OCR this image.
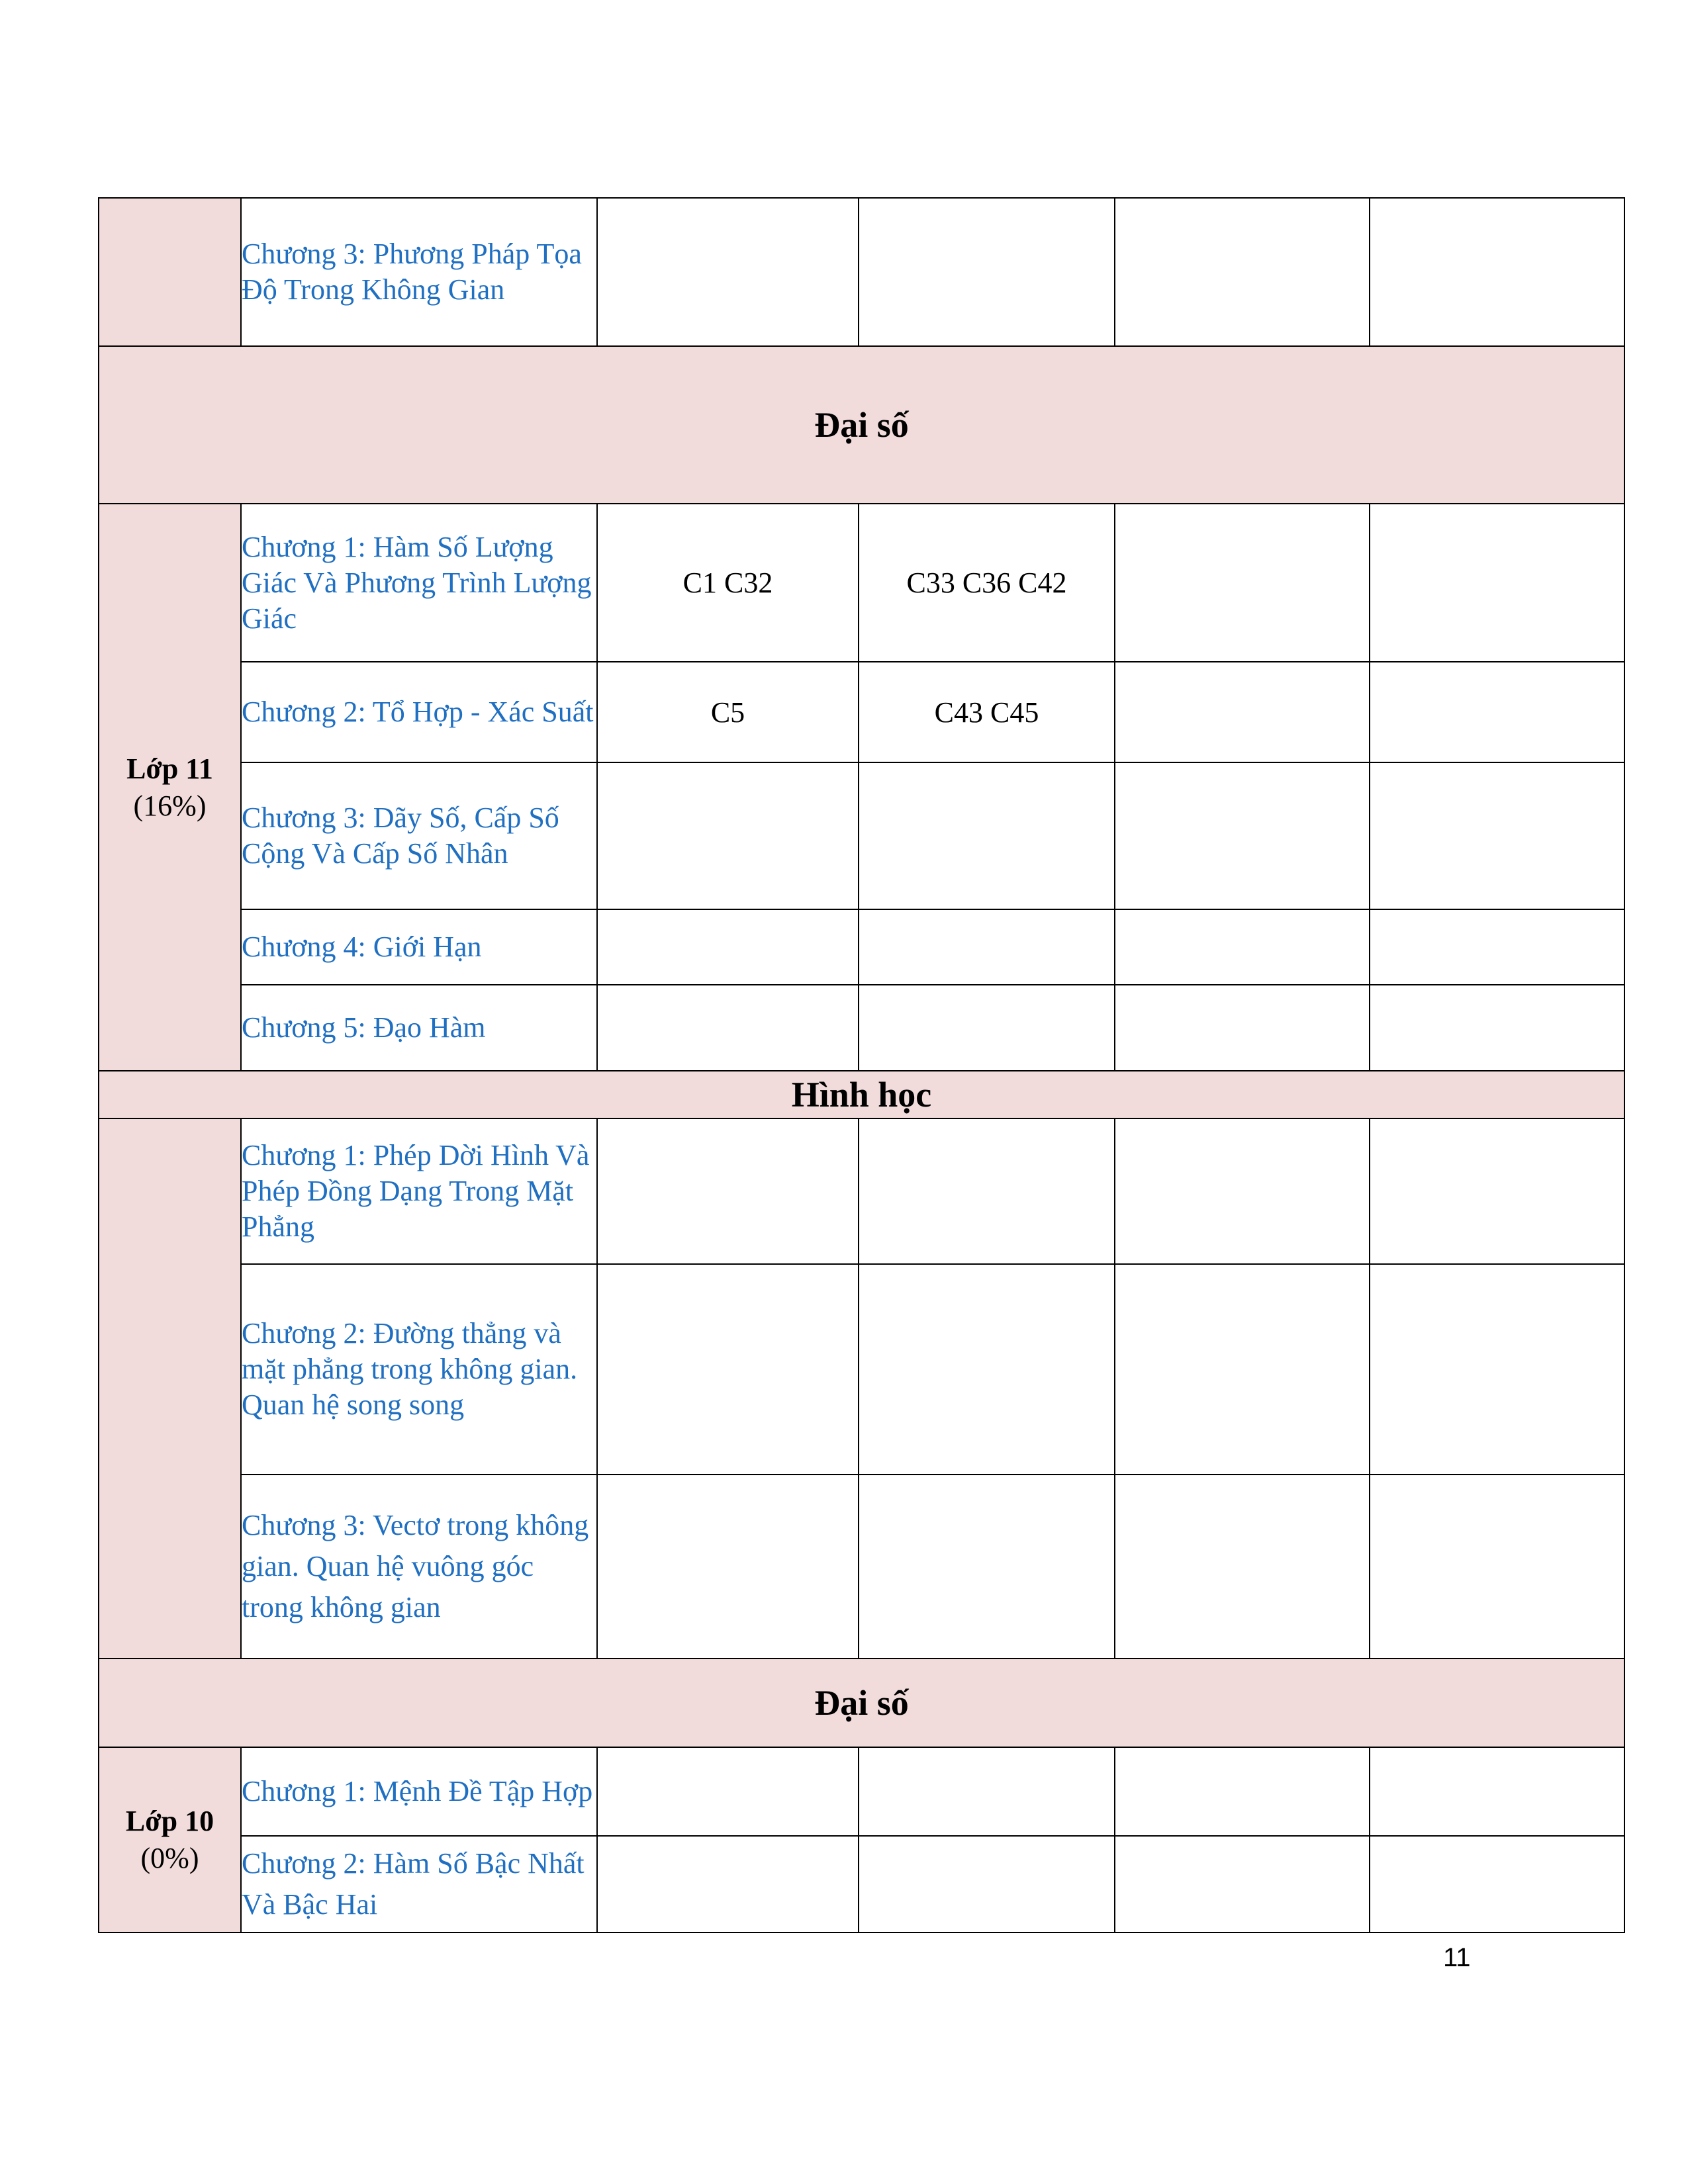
	Chương 3: Phương Pháp Tọa Độ Trong Không Gian				
Đại số					

Lớp 11
(16%)	Chương 1: Hàm Số Lượng Giác Và Phương Trình Lượng Giác	C1 C32	C33 C36 C42		
	Chương 2: Tổ Hợp - Xác Suất	C5	C43 C45		
	Chương 3: Dãy Số, Cấp Số Cộng Và Cấp Số Nhân				
	Chương 4: Giới Hạn				
	Chương 5: Đạo Hàm				
Hình học					
	Chương 1: Phép Dời Hình Và Phép Đồng Dạng Trong Mặt Phẳng				
	Chương 2: Đường thẳng và mặt phẳng trong không gian. Quan hệ song song				
	Chương 3: Vectơ trong không gian. Quan hệ vuông góc trong không gian				
Đại số					

Lớp 10
(0%)	Chương 1: Mệnh Đề Tập Hợp				
	Chương 2: Hàm Số Bậc Nhất Và Bậc Hai				
11
